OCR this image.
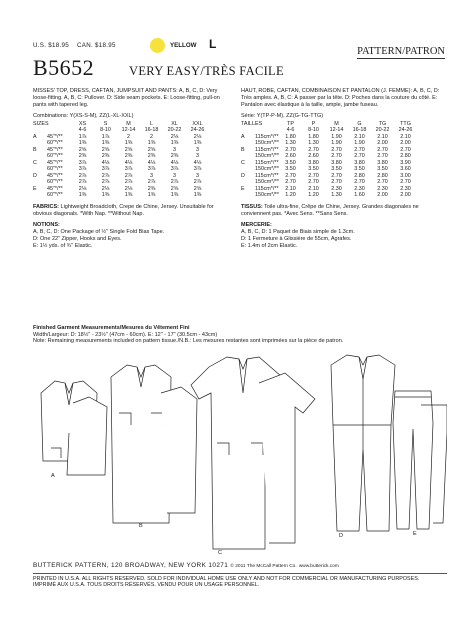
U.S. $18.95 CAN. $18.95	YELLOW L
PATTERN/PATRON
B5652	VERY EASY/TRÈS FACILE
MISSES' TOP, DRESS, CAFTAN, JUMPSUIT AND PANTS: A, B, C, D: Very loose-fitting. A, B, C: Pullover. D: Side seam pockets. E: Loose-fitting, pull-on pants with tapered leg.
Combinations: Y(XS-S-M), ZZ(L-XL-XXL)
SIZES		XS	S	M	L	XL	XXL
		4-6	8-10	12-14	16-18	20-22	24-26
A	45"*/**	1⅞	1⅞	2	2	2⅛	2⅛
	60"*/**	1⅜	1⅜	1⅜	1⅜	1⅜	1⅜
B	45"*/**	2⅝	2⅝	2⅝	2⅝	3	3
	60"*/**	2⅜	2⅜	2⅜	2⅜	2⅜	3
C	45"*/**	3⅞	4⅛	4⅛	4⅛	4⅛	4⅛
	60"*/**	3⅞	3⅞	3⅞	3⅞	3⅞	3⅞
D	45"*/**	2⅞	2⅞	2⅞	3	3	3
	60"*/**	2⅞	2⅞	2⅞	2⅞	2⅞	2⅞
E	45"*/**	2⅛	2⅛	2⅛	2⅜	2⅝	2⅝
	60"*/**	1⅜	1⅜	1⅜	1⅜	1⅜	1⅜
FABRICS: Lightweight Broadcloth, Crepe de Chine, Jersey. Unsuitable for obvious diagonals. *With Nap. **Without Nap.
NOTIONS:
A, B, C, D: One Package of ½" Single Fold Bias Tape.
D: One 22" Zipper, Hooks and Eyes.
E: 1½ yds. of ¾" Elastic.
HAUT, ROBE, CAFTAN, COMBINAISON ET PANTALON (J. FEMME): A, B, C, D: Très amples. A, B, C: À passer par la tête. D: Poches dans la couture du côté. E: Pantalon avec élastique à la taille, ample, jambe fuseau.
Série: Y(TP-P-M), ZZ(G-TG-TTG)
TAILLES		TP	P	M	G	TG	TTG
		4-6	8-10	12-14	16-18	20-22	24-26
A	115cm*/**	1.80	1.80	1.90	2.10	2.10	2.10
	150cm*/**	1.30	1.30	1.90	1.90	2.00	2.00
B	115cm*/**	2.70	2.70	2.70	2.70	2.70	2.70
	150cm*/**	2.60	2.60	2.70	2.70	2.70	2.80
C	115cm*/**	3.50	3.80	3.80	3.80	3.80	3.90
	150cm*/**	3.50	3.50	3.50	3.50	3.50	3.60
D	115cm*/**	2.70	2.70	2.70	2.80	2.80	3.00
	150cm*/**	2.70	2.70	2.70	2.70	2.70	2.70
E	115cm*/**	2.10	2.10	2.30	2.30	2.30	2.30
	150cm*/**	1.20	1.20	1.30	1.60	2.00	2.00
TISSUS: Toile ultra-fine, Crêpe de Chine, Jersey. Grandes diagonales ne conviennent pas. *Avec Sens. **Sans Sens.
MERCERIE:
A, B, C, D: 1 Paquet de Biais simple de 1.3cm.
D: 1 Fermeture à Glissière de 55cm, Agrafes.
E: 1.4m of 2cm Elastic.
Finished Garment Measurements/Mesures du Vêtement Fini
Width/Largeur: D: 18½" - 23½" (47cm - 60cm). E: 12" - 17" (30.5cm - 43cm)
Note: Remaining measurements included on pattern tissue./N.B.: Les mesures restantes sont imprimées sur la pièce de patron.
A
B
C
D	E
BUTTERICK PATTERN, 120 BROADWAY, NEW YORK 10271 © 2011 The McCall Pattern Co. www.butterick.com
PRINTED IN U.S.A. ALL RIGHTS RESERVED. SOLD FOR INDIVIDUAL HOME USE ONLY AND NOT FOR COMMERCIAL OR MANUFACTURING PURPOSES.
IMPRIMÉ AUX U.S.A. TOUS DROITS RÉSERVÉS. VENDU POUR UN USAGE PERSONNEL.
